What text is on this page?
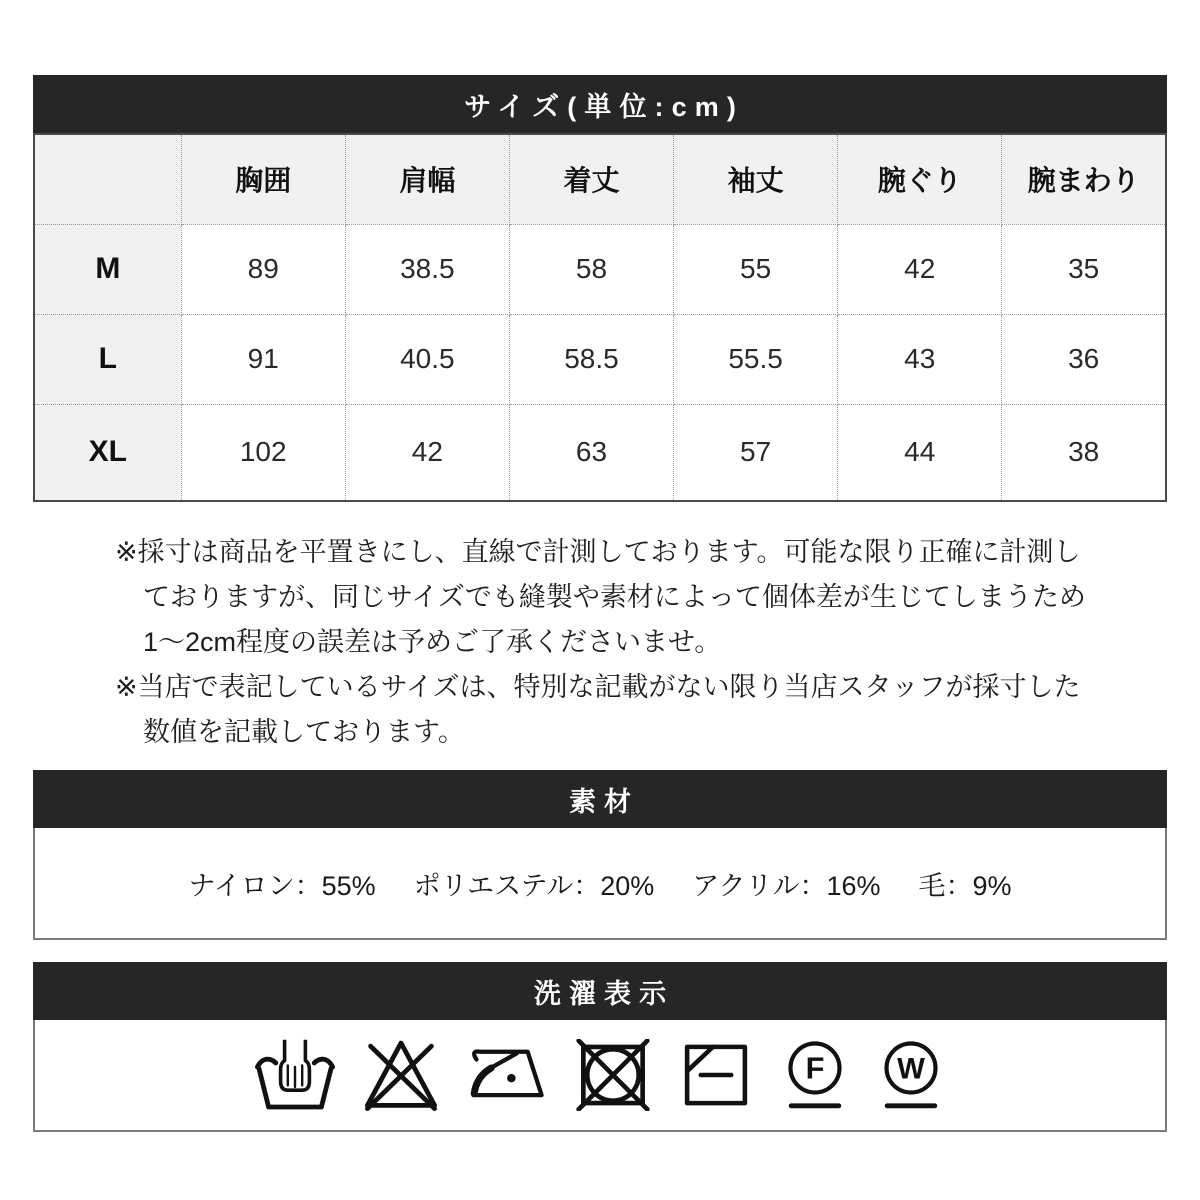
サイズ(単位:cm)
	胸囲	肩幅	着丈	袖丈	腕ぐり	腕まわり
M	89	38.5	58	55	42	35
L	91	40.5	58.5	55.5	43	36
XL	102	42	63	57	44	38
※採寸は商品を平置きにし、直線で計測しております。可能な限り正確に計測し
ておりますが、同じサイズでも縫製や素材によって個体差が生じてしまうため
1〜2cm程度の誤差は予めご了承くださいませ。
※当店で表記しているサイズは、特別な記載がない限り当店スタッフが採寸した
数値を記載しております。
素材
ナイロン：55% ポリエステル：20% アクリル：16% 毛：9%
洗濯表示
F W
